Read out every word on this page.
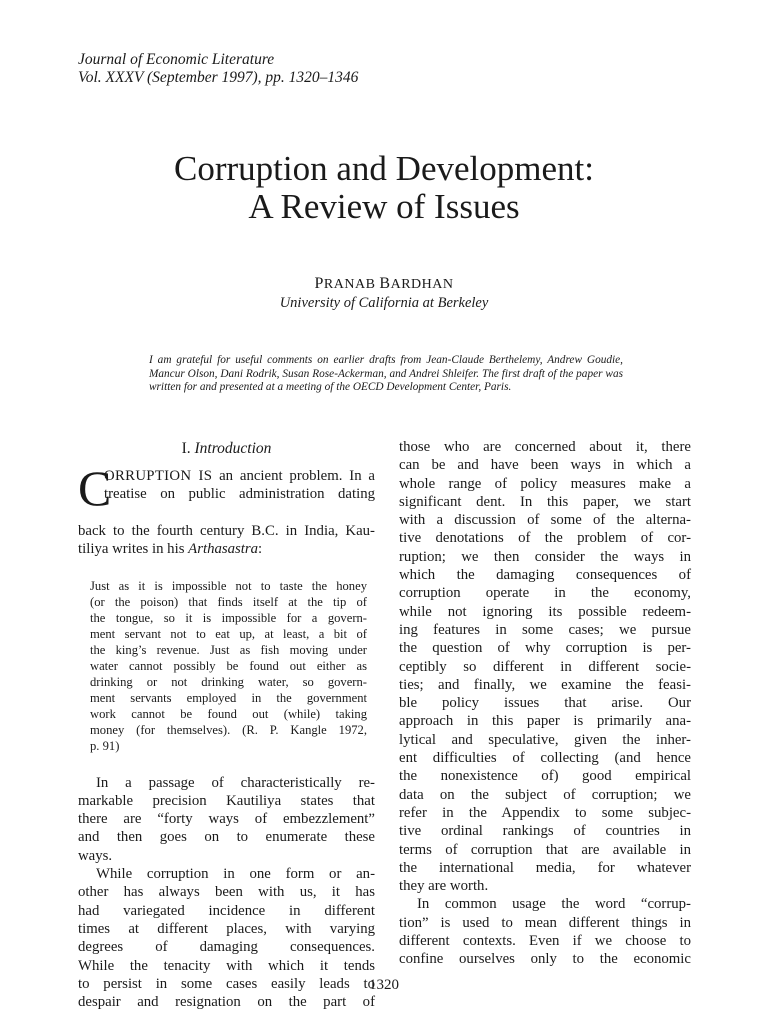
Journal of Economic Literature
Vol. XXXV (September 1997), pp. 1320–1346
Corruption and Development:
A Review of Issues
PRANAB BARDHAN
University of California at Berkeley
I am grateful for useful comments on earlier drafts from Jean-Claude Berthelemy, Andrew Goudie, Mancur Olson, Dani Rodrik, Susan Rose-Ackerman, and Andrei Shleifer. The first draft of the paper was written for and presented at a meeting of the OECD Development Center, Paris.
I. Introduction
C
ORRUPTION IS an ancient problem. In a
treatise on public administration dating
back to the fourth century B.C. in India, Kau-
tiliya writes in his Arthasastra:
Just as it is impossible not to taste the honey
(or the poison) that finds itself at the tip of
the tongue, so it is impossible for a govern-
ment servant not to eat up, at least, a bit of
the king’s revenue. Just as fish moving under
water cannot possibly be found out either as
drinking or not drinking water, so govern-
ment servants employed in the government
work cannot be found out (while) taking
money (for themselves). (R. P. Kangle 1972,
p. 91)
In a passage of characteristically re-
markable precision Kautiliya states that
there are “forty ways of embezzlement”
and then goes on to enumerate these
ways.
While corruption in one form or an-
other has always been with us, it has
had variegated incidence in different
times at different places, with varying
degrees of damaging consequences.
While the tenacity with which it tends
to persist in some cases easily leads to
despair and resignation on the part of
those who are concerned about it, there
can be and have been ways in which a
whole range of policy measures make a
significant dent. In this paper, we start
with a discussion of some of the alterna-
tive denotations of the problem of cor-
ruption; we then consider the ways in
which the damaging consequences of
corruption operate in the economy,
while not ignoring its possible redeem-
ing features in some cases; we pursue
the question of why corruption is per-
ceptibly so different in different socie-
ties; and finally, we examine the feasi-
ble policy issues that arise. Our
approach in this paper is primarily ana-
lytical and speculative, given the inher-
ent difficulties of collecting (and hence
the nonexistence of) good empirical
data on the subject of corruption; we
refer in the Appendix to some subjec-
tive ordinal rankings of countries in
terms of corruption that are available in
the international media, for whatever
they are worth.
In common usage the word “corrup-
tion” is used to mean different things in
different contexts. Even if we choose to
confine ourselves only to the economic
1320
